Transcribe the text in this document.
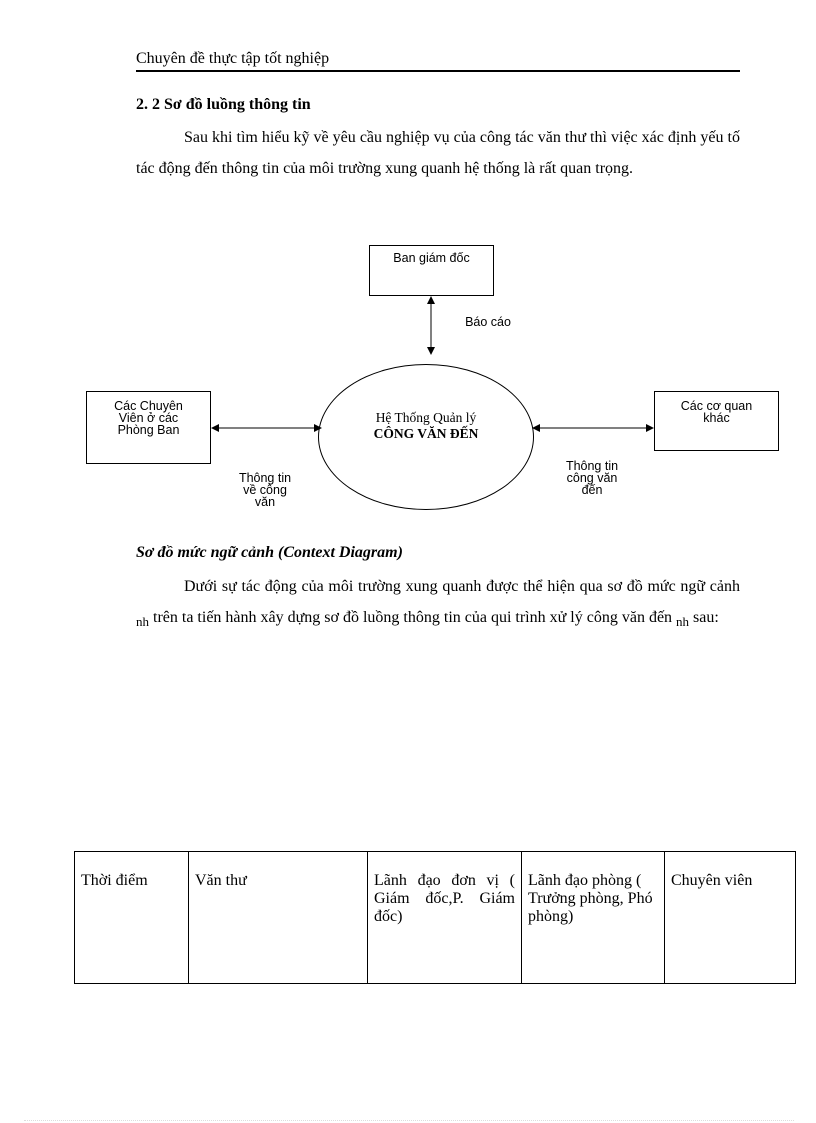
Chuyên đề thực tập tốt nghiệp
2. 2 Sơ đồ luồng thông tin
Sau khi tìm hiểu kỹ về yêu cầu nghiệp vụ của công tác văn thư thì việc xác định yếu tố tác động đến thông tin của môi trường xung quanh hệ thống là rất quan trọng.
Ban giám đốc
Báo cáo
Các Chuyên
Viên ở các
Phòng Ban
Các cơ quan
khác
Hệ Thống Quản lý
CÔNG VĂN ĐẾN
Thông tin
về công
văn
Thông tin
công văn
đến
Sơ đồ mức ngữ cảnh (Context Diagram)
Dưới sự tác động của môi trường xung quanh được thể hiện qua sơ đồ mức ngữ cảnh $_{nh}$ trên ta tiến hành xây dựng sơ đồ luồng thông tin của qui trình xử lý công văn đến $_{nh}$ sau:
Thời điểm	Văn thư	Lãnh đạo đơn vị ( Giám đốc,P. Giám đốc)	Lãnh đạo phòng ( Trưởng phòng, Phó phòng)	Chuyên viên
